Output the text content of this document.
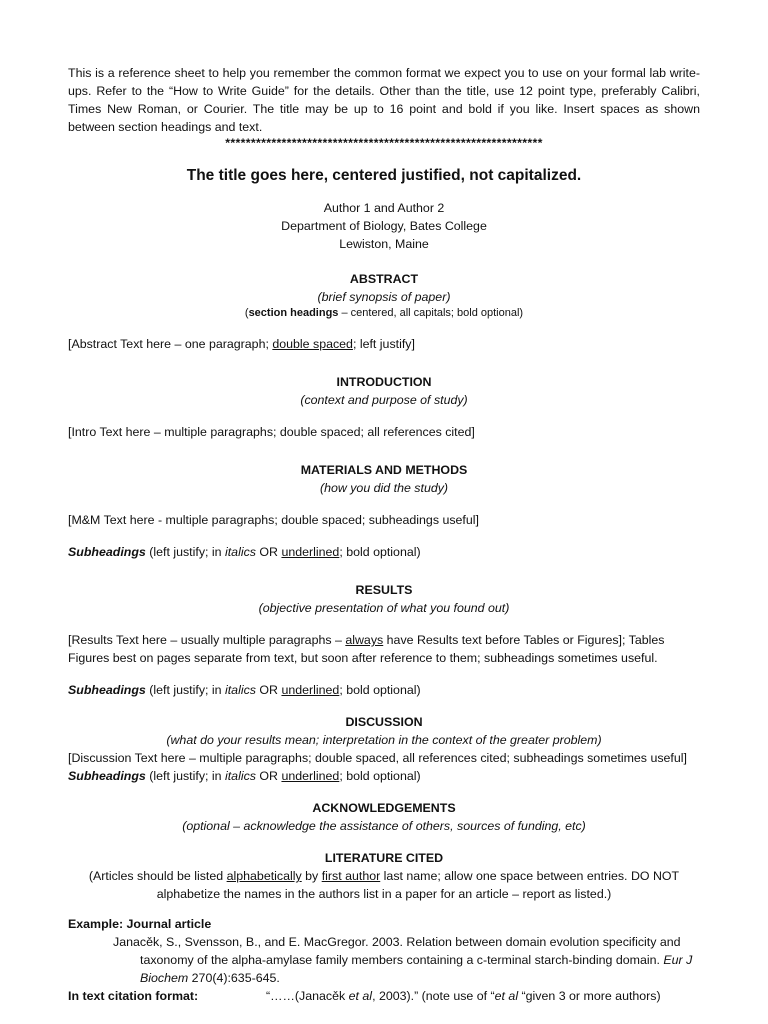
This is a reference sheet to help you remember the common format we expect you to use on your formal lab write-ups. Refer to the “How to Write Guide” for the details. Other than the title, use 12 point type, preferably Calibri, Times New Roman, or Courier. The title may be up to 16 point and bold if you like. Insert spaces as shown between section headings and text.
**************************************************************
The title goes here, centered justified, not capitalized.
Author 1 and Author 2
Department of Biology, Bates College
Lewiston, Maine
ABSTRACT
(brief synopsis of paper)
(section headings – centered, all capitals; bold optional)
[Abstract Text here – one paragraph; double spaced; left justify]
INTRODUCTION
(context and purpose of study)
[Intro Text here – multiple paragraphs; double spaced; all references cited]
MATERIALS AND METHODS
(how you did the study)
[M&M Text here - multiple paragraphs; double spaced; subheadings useful]
Subheadings (left justify; in italics OR underlined; bold optional)
RESULTS
(objective presentation of what you found out)
[Results Text here – usually multiple paragraphs – always have Results text before Tables or Figures]; Tables Figures best on pages separate from text, but soon after reference to them; subheadings sometimes useful.
Subheadings (left justify; in italics OR underlined; bold optional)
DISCUSSION
(what do your results mean; interpretation in the context of the greater problem)
[Discussion Text here – multiple paragraphs; double spaced, all references cited; subheadings sometimes useful]
Subheadings (left justify; in italics OR underlined; bold optional)
ACKNOWLEDGEMENTS
(optional – acknowledge the assistance of others, sources of funding, etc)
LITERATURE CITED
(Articles should be listed alphabetically by first author last name; allow one space between entries. DO NOT alphabetize the names in the authors list in a paper for an article – report as listed.)
Example: Journal article
Janacěk, S., Svensson, B., and E. MacGregor. 2003. Relation between domain evolution specificity and taxonomy of the alpha-amylase family members containing a c-terminal starch-binding domain. Eur J Biochem 270(4):635-645.
In text citation format:	“……(Janacěk et al, 2003).” (note use of “et al “given 3 or more authors)
